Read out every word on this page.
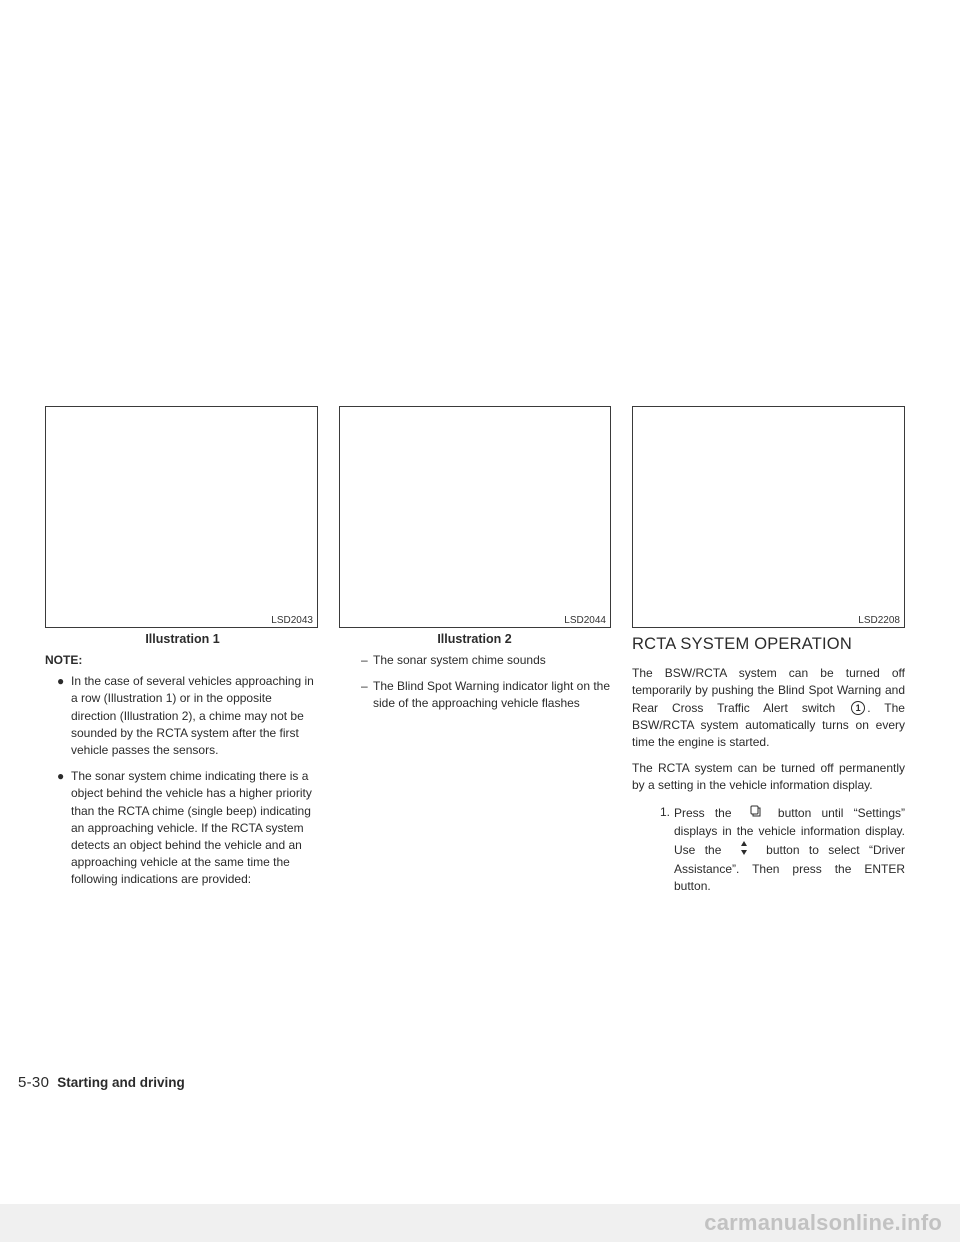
LSD2043
Illustration 1
LSD2044
Illustration 2
LSD2208
NOTE:
● In the case of several vehicles approaching in a row (Illustration 1) or in the opposite direction (Illustration 2), a chime may not be sounded by the RCTA system after the first vehicle passes the sensors.
● The sonar system chime indicating there is a object behind the vehicle has a higher priority than the RCTA chime (single beep) indicating an approaching vehicle. If the RCTA system detects an object behind the vehicle and an approaching vehicle at the same time the following indications are provided:
– The sonar system chime sounds
– The Blind Spot Warning indicator light on the side of the approaching vehicle flashes
RCTA SYSTEM OPERATION

The BSW/RCTA system can be turned off temporarily by pushing the Blind Spot Warning and Rear Cross Traffic Alert switch 1 . The BSW/RCTA system automatically turns on every time the engine is started.

The RCTA system can be turned off permanently by a setting in the vehicle information display.

1. Press the	button until “Settings” displays in the vehicle information display. Use the	button to select “Driver Assistance”. Then press the ENTER button.
5-30 Starting and driving
carmanualsonline.info
